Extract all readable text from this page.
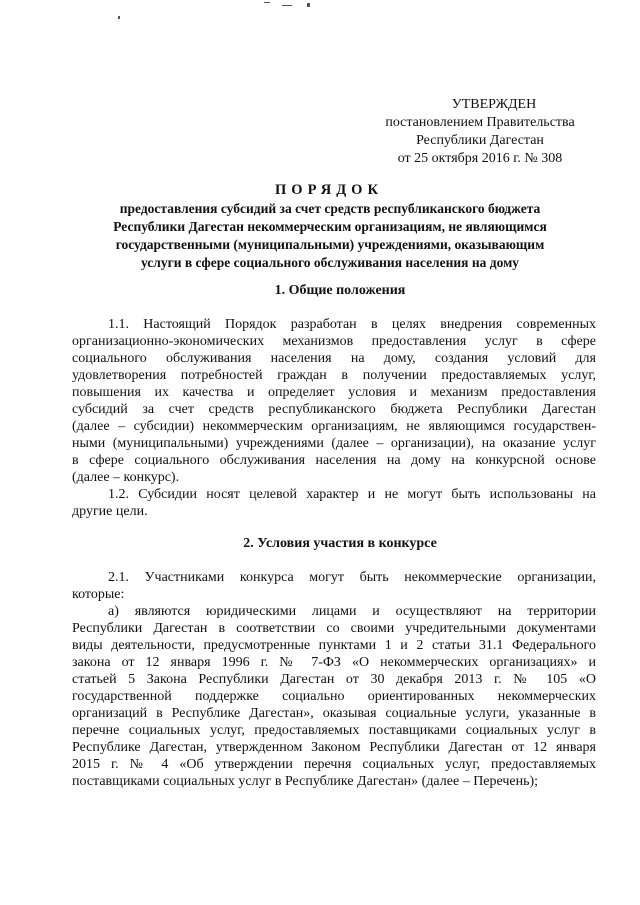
УТВЕРЖДЕН
постановлением Правительства
Республики Дагестан
от 25 октября 2016 г. № 308
ПОРЯДОК
предоставления субсидий за счет средств республиканского бюджета
Республики Дагестан некоммерческим организациям, не являющимся
государственными (муниципальными) учреждениями, оказывающим
услуги в сфере социального обслуживания населения на дому
1. Общие положения
1.1. Настоящий Порядок разработан в целях внедрения современных
организационно-экономических механизмов предоставления услуг в сфере
социального обслуживания населения на дому, создания условий для
удовлетворения потребностей граждан в получении предоставляемых услуг,
повышения их качества и определяет условия и механизм предоставления
субсидий за счет средств республиканского бюджета Республики Дагестан
(далее – субсидии) некоммерческим организациям, не являющимся государствен-
ными (муниципальными) учреждениями (далее – организации), на оказание услуг
в сфере социального обслуживания населения на дому на конкурсной основе
(далее – конкурс).
1.2. Субсидии носят целевой характер и не могут быть использованы на
другие цели.
2. Условия участия в конкурсе
2.1. Участниками конкурса могут быть некоммерческие организации,
которые:
а) являются юридическими лицами и осуществляют на территории
Республики Дагестан в соответствии со своими учредительными документами
виды деятельности, предусмотренные пунктами 1 и 2 статьи 31.1 Федерального
закона от 12 января 1996 г. № 7-ФЗ «О некоммерческих организациях» и
статьей 5 Закона Республики Дагестан от 30 декабря 2013 г. № 105 «О
государственной поддержке социально ориентированных некоммерческих
организаций в Республике Дагестан», оказывая социальные услуги, указанные в
перечне социальных услуг, предоставляемых поставщиками социальных услуг в
Республике Дагестан, утвержденном Законом Республики Дагестан от 12 января
2015 г. № 4 «Об утверждении перечня социальных услуг, предоставляемых
поставщиками социальных услуг в Республике Дагестан» (далее – Перечень);
